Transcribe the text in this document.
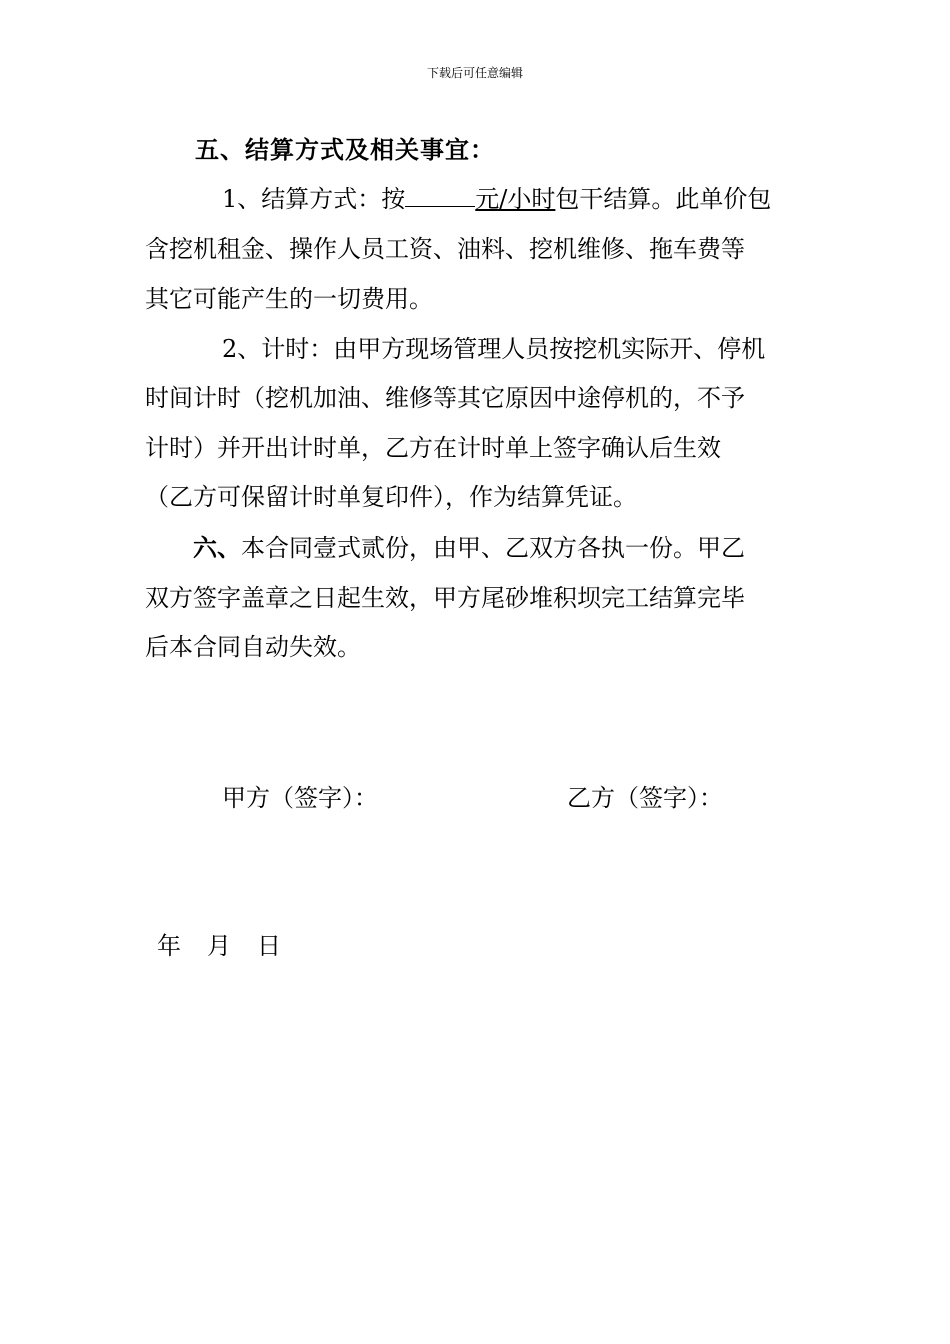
下载后可任意编辑
五、结算方式及相关事宜：
1、结算方式：按	元/小时包干结算。此单价包
含挖机租金、操作人员工资、油料、挖机维修、拖车费等
其它可能产生的一切费用。
2、计时：由甲方现场管理人员按挖机实际开、停机
时间计时（挖机加油、维修等其它原因中途停机的，不予
计时）并开出计时单，乙方在计时单上签字确认后生效
（乙方可保留计时单复印件），作为结算凭证。
六、本合同壹式贰份，由甲、乙双方各执一份。甲乙
双方签字盖章之日起生效，甲方尾砂堆积坝完工结算完毕
后本合同自动失效。
甲方（签字）：	乙方（签字）：
年 月 日
